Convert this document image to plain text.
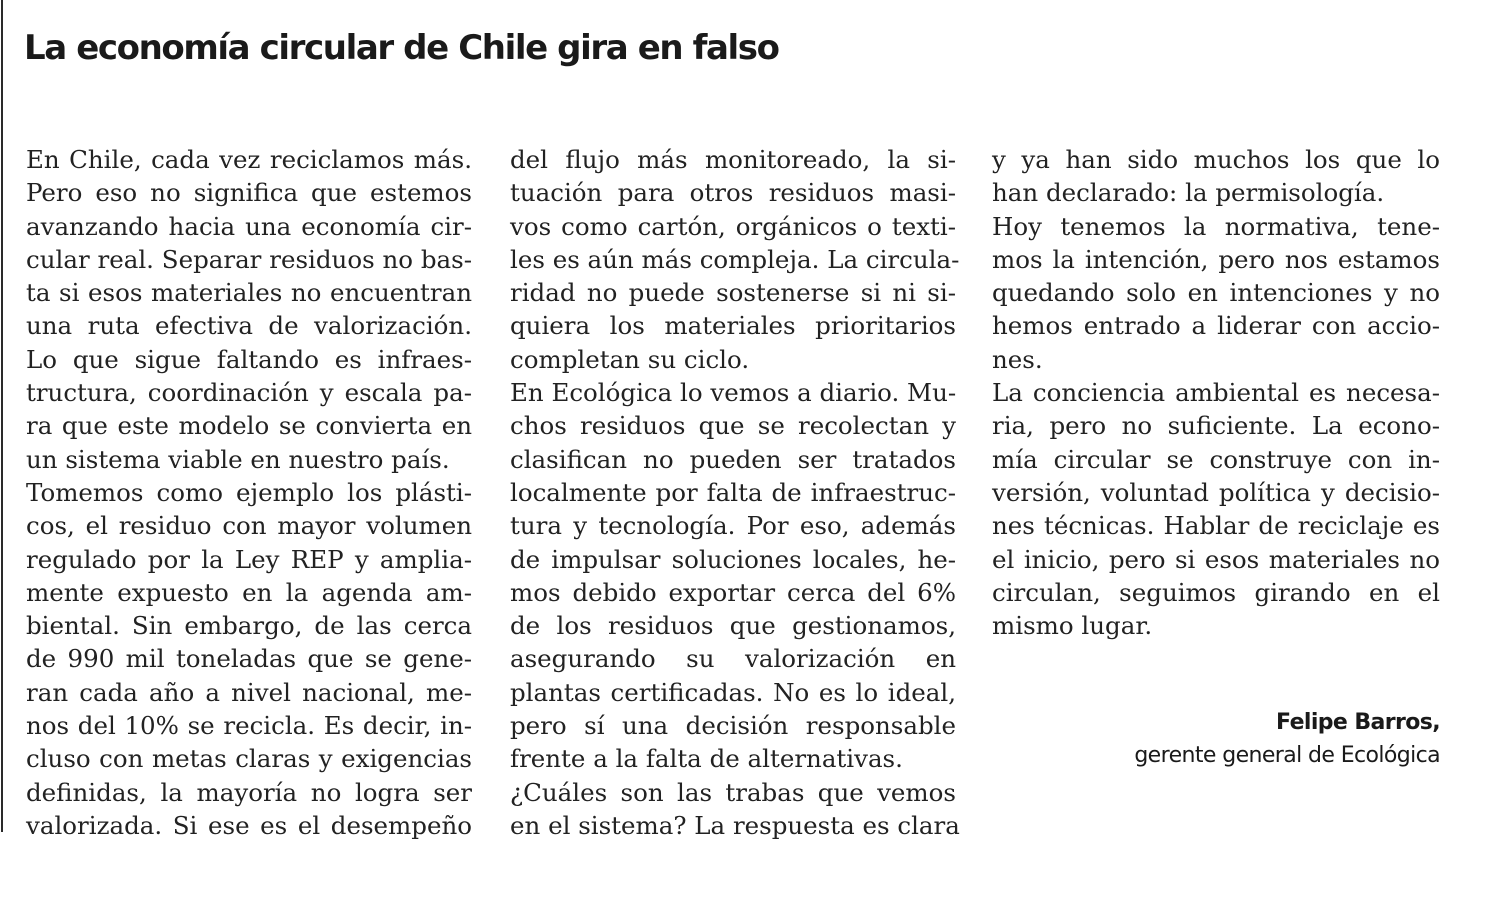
La economía circular de Chile gira en falso
En Chile, cada vez reciclamos más.
Pero eso no significa que estemos
avanzando hacia una economía cir-
cular real. Separar residuos no bas-
ta si esos materiales no encuentran
una ruta efectiva de valorización.
Lo que sigue faltando es infraes-
tructura, coordinación y escala pa-
ra que este modelo se convierta en
un sistema viable en nuestro país.
Tomemos como ejemplo los plásti-
cos, el residuo con mayor volumen
regulado por la Ley REP y amplia-
mente expuesto en la agenda am-
biental. Sin embargo, de las cerca
de 990 mil toneladas que se gene-
ran cada año a nivel nacional, me-
nos del 10% se recicla. Es decir, in-
cluso con metas claras y exigencias
definidas, la mayoría no logra ser
valorizada. Si ese es el desempeño
del flujo más monitoreado, la si-
tuación para otros residuos masi-
vos como cartón, orgánicos o texti-
les es aún más compleja. La circula-
ridad no puede sostenerse si ni si-
quiera los materiales prioritarios
completan su ciclo.
En Ecológica lo vemos a diario. Mu-
chos residuos que se recolectan y
clasifican no pueden ser tratados
localmente por falta de infraestruc-
tura y tecnología. Por eso, además
de impulsar soluciones locales, he-
mos debido exportar cerca del 6%
de los residuos que gestionamos,
asegurando su valorización en
plantas certificadas. No es lo ideal,
pero sí una decisión responsable
frente a la falta de alternativas.
¿Cuáles son las trabas que vemos
en el sistema? La respuesta es clara
y ya han sido muchos los que lo
han declarado: la permisología.
Hoy tenemos la normativa, tene-
mos la intención, pero nos estamos
quedando solo en intenciones y no
hemos entrado a liderar con accio-
nes.
La conciencia ambiental es necesa-
ria, pero no suficiente. La econo-
mía circular se construye con in-
versión, voluntad política y decisio-
nes técnicas. Hablar de reciclaje es
el inicio, pero si esos materiales no
circulan, seguimos girando en el
mismo lugar.
Felipe Barros,
gerente general de Ecológica
